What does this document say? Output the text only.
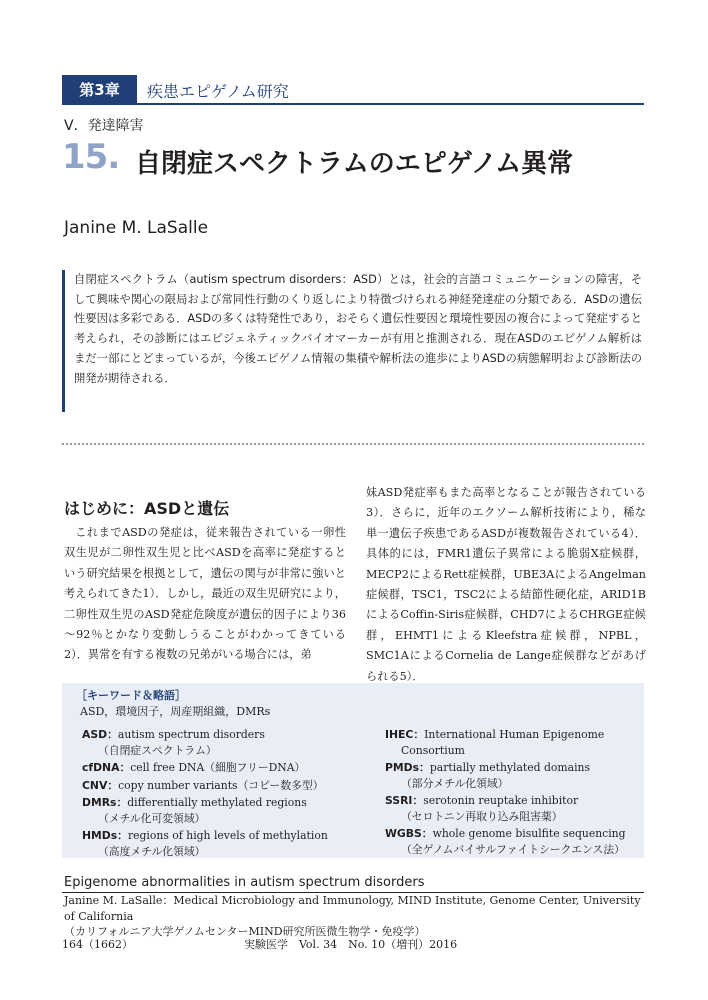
第3章	疾患エピゲノム研究
V．発達障害
15. 自閉症スペクトラムのエピゲノム異常
Janine M. LaSalle
自閉症スペクトラム（autism spectrum disorders：ASD）とは，社会的言語コミュニケーションの障害，そして興味や関心の限局および常同性行動のくり返しにより特徴づけられる神経発達症の分類である．ASDの遺伝性要因は多彩である．ASDの多くは特発性であり，おそらく遺伝性要因と環境性要因の複合によって発症すると考えられ，その診断にはエピジェネティックバイオマーカーが有用と推測される．現在ASDのエピゲノム解析はまだ一部にとどまっているが，今後エピゲノム情報の集積や解析法の進歩によりASDの病態解明および診断法の開発が期待される．
はじめに：ASDと遺伝
これまでASDの発症は，従来報告されている一卵性双生児が二卵性双生児と比べASDを高率に発症するという研究結果を根拠として，遺伝の関与が非常に強いと考えられてきた1）．しかし，最近の双生児研究により，二卵性双生児のASD発症危険度が遺伝的因子により36～92％とかなり変動しうることがわかってきている2）．異常を有する複数の兄弟がいる場合には，弟
妹ASD発症率もまた高率となることが報告されている3）．さらに，近年のエクソーム解析技術により，稀な単一遺伝子疾患であるASDが複数報告されている4）．具体的には，FMR1遺伝子異常による脆弱X症候群，MECP2によるRett症候群，UBE3AによるAngelman症候群，TSC1，TSC2による結節性硬化症，ARID1BによるCoffin-Siris症候群，CHD7によるCHRGE症候群，EHMT1によるKleefstra症候群，NPBL，SMC1AによるCornelia de Lange症候群などがあげられる5）．
［キーワード＆略語］
ASD，環境因子，周産期組織，DMRs
ASD：autism spectrum disorders
（自閉症スペクトラム）
cfDNA：cell free DNA（細胞フリーDNA）
CNV：copy number variants（コピー数多型）
DMRs：differentially methylated regions
（メチル化可変領域）
HMDs：regions of high levels of methylation
（高度メチル化領域）
IHEC：International Human Epigenome
Consortium
PMDs：partially methylated domains
（部分メチル化領域）
SSRI：serotonin reuptake inhibitor
（セロトニン再取り込み阻害薬）
WGBS：whole genome bisulfite sequencing
（全ゲノムバイサルファイトシークエンス法）
Epigenome abnormalities in autism spectrum disorders
Janine M. LaSalle：Medical Microbiology and Immunology, MIND Institute, Genome Center, University of California
（カリフォルニア大学ゲノムセンターMIND研究所医微生物学・免疫学）
164（1662）	実験医学　Vol. 34　No. 10（増刊）2016
